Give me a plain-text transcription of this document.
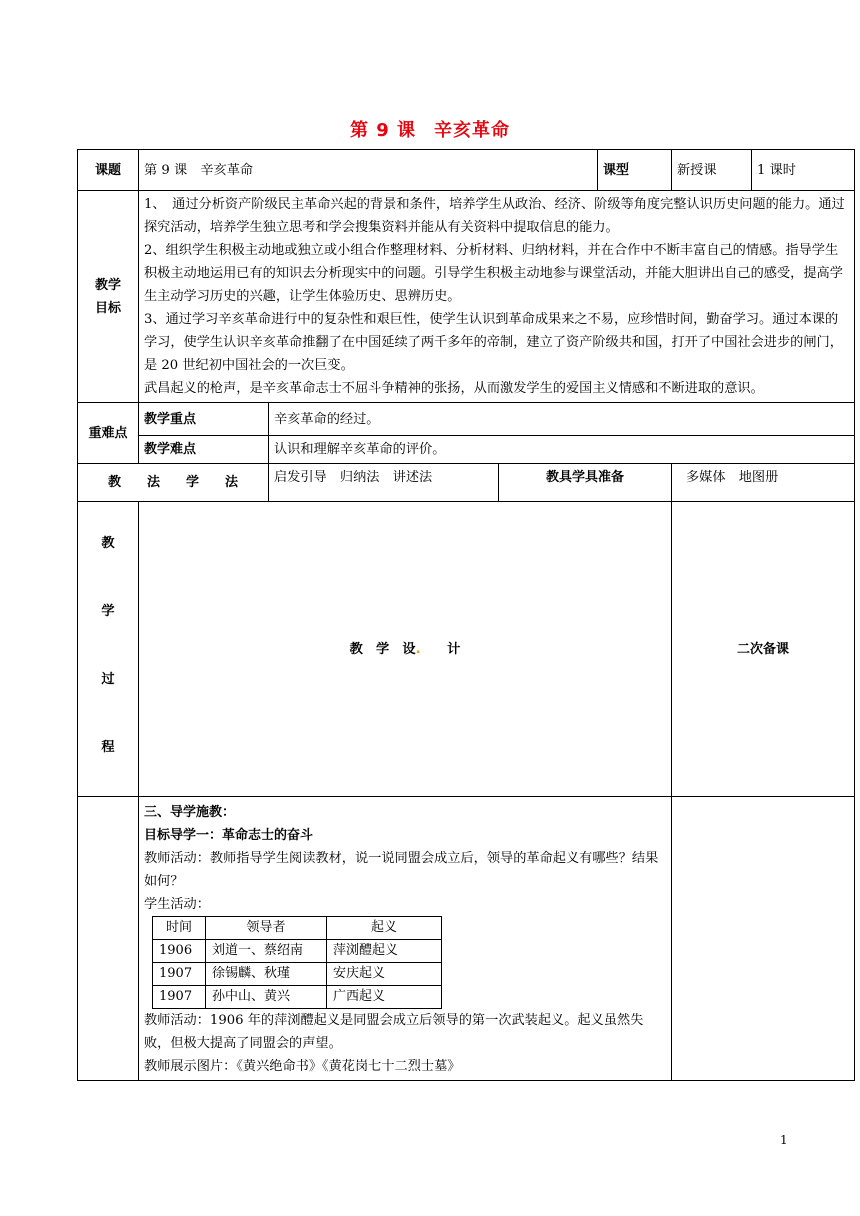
第 9 课 辛亥革命
课题	第 9 课　辛亥革命	课型	新授课	1 课时

教学
目标

1、　通过分析资产阶级民主革命兴起的背景和条件，培养学生从政治、经济、阶级等角度完整认识历史问题的能力。通过探究活动，培养学生独立思考和学会搜集资料并能从有关资料中提取信息的能力。

2、组织学生积极主动地或独立或小组合作整理材料、分析材料、归纳材料，并在合作中不断丰富自己的情感。指导学生积极主动地运用已有的知识去分析现实中的问题。引导学生积极主动地参与课堂活动，并能大胆讲出自己的感受，提高学生主动学习历史的兴趣，让学生体验历史、思辨历史。

3、通过学习辛亥革命进行中的复杂性和艰巨性，使学生认识到革命成果来之不易，应珍惜时间，勤奋学习。通过本课的学习，使学生认识辛亥革命推翻了在中国延续了两千多年的帝制，建立了资产阶级共和国，打开了中国社会进步的闸门，是 20 世纪初中国社会的一次巨变。

武昌起义的枪声，是辛亥革命志士不屈斗争精神的张扬，从而激发学生的爱国主义情感和不断进取的意识。

重难点	教学重点	辛亥革命的经过。
教学难点	认识和理解辛亥革命的评价。
教　　法　　学　　法	启发引导　归纳法　讲述法	教具学具准备	多媒体　地图册

教
学
过
程
	教　学　设. 计	二次备课

三、导学施教：

目标导学一：革命志士的奋斗

教师活动：教师指导学生阅读教材，说一说同盟会成立后，领导的革命起义有哪些？结果如何？

学生活动：

时间	领导者	起义
1906	刘道一、蔡绍南	萍浏醴起义
1907	徐锡麟、秋瑾	安庆起义
1907	孙中山、黄兴	广西起义

教师活动：1906 年的萍浏醴起义是同盟会成立后领导的第一次武装起义。起义虽然失败，但极大提高了同盟会的声望。

教师展示图片：《黄兴绝命书》《黄花岗七十二烈士墓》

1
